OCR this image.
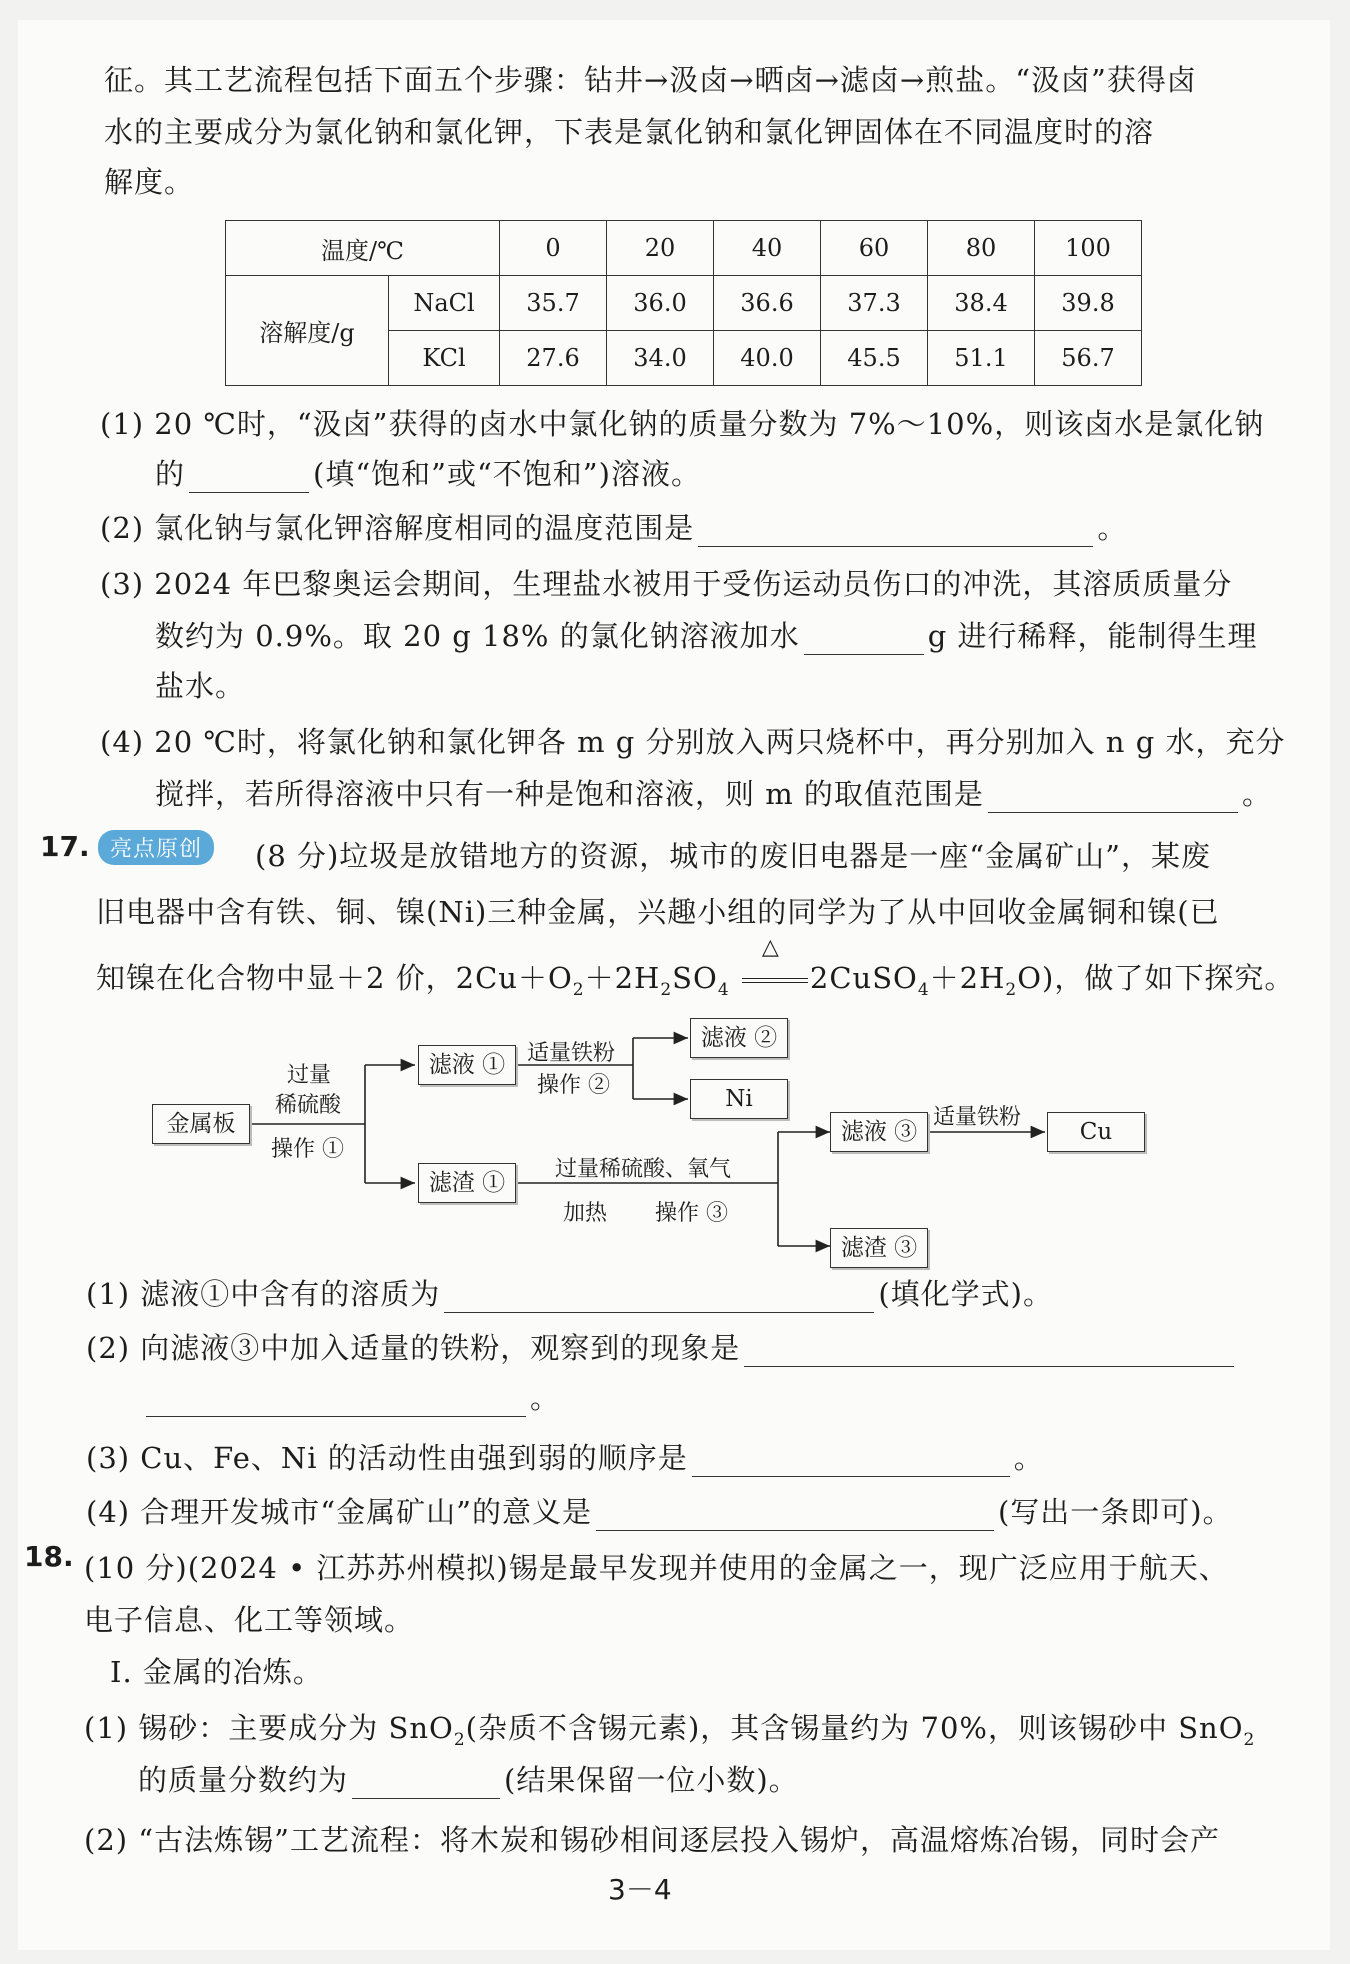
征。其工艺流程包括下面五个步骤：钻井→汲卤→晒卤→滤卤→煎盐。“汲卤”获得卤
水的主要成分为氯化钠和氯化钾，下表是氯化钠和氯化钾固体在不同温度时的溶
解度。
温度/℃		0	20	40	60	80	100
溶解度/g	NaCl	35.7	36.0	36.6	37.3	38.4	39.8
	KCl	27.6	34.0	40.0	45.5	51.1	56.7
(1) 20 ℃时，“汲卤”获得的卤水中氯化钠的质量分数为 7%～10%，则该卤水是氯化钠
的	(填“饱和”或“不饱和”)溶液。
(2) 氯化钠与氯化钾溶解度相同的温度范围是	。
(3) 2024 年巴黎奥运会期间，生理盐水被用于受伤运动员伤口的冲洗，其溶质质量分
数约为 0.9%。取 20 g 18% 的氯化钠溶液加水	g 进行稀释，能制得生理
盐水。
(4) 20 ℃时，将氯化钠和氯化钾各 m g 分别放入两只烧杯中，再分别加入 n g 水，充分
搅拌，若所得溶液中只有一种是饱和溶液，则 m 的取值范围是	。
17. 亮点原创	(8 分)垃圾是放错地方的资源，城市的废旧电器是一座“金属矿山”，某废
旧电器中含有铁、铜、镍(Ni)三种金属，兴趣小组的同学为了从中回收金属铜和镍(已
知镍在化合物中显＋2 价，$2Cu+O_2+2H_2SO_4$
△
$2CuSO_4+2H_2O$)，做了如下探究。
金属板
过量
稀硫酸
操作 ①
滤液 ① 适量铁粉
操作 ②
滤液 ②
Ni
滤渣 ①
过量稀硫酸、氧气
加热 操作 ③
滤液 ③
适量铁粉
Cu
滤渣 ③
(1) 滤液①中含有的溶质为	(填化学式)。
(2) 向滤液③中加入适量的铁粉，观察到的现象是
。
(3) Cu、Fe、Ni 的活动性由强到弱的顺序是	。
(4) 合理开发城市“金属矿山”的意义是	(写出一条即可)。
18. (10 分)(2024 • 江苏苏州模拟)锡是最早发现并使用的金属之一，现广泛应用于航天、
电子信息、化工等领域。
Ⅰ. 金属的冶炼。
(1) 锡砂：主要成分为 SnO$_2$(杂质不含锡元素)，其含锡量约为 70%，则该锡砂中 SnO$_2$
的质量分数约为	(结果保留一位小数)。
(2) “古法炼锡”工艺流程：将木炭和锡砂相间逐层投入锡炉，高温熔炼冶锡，同时会产
3－4
